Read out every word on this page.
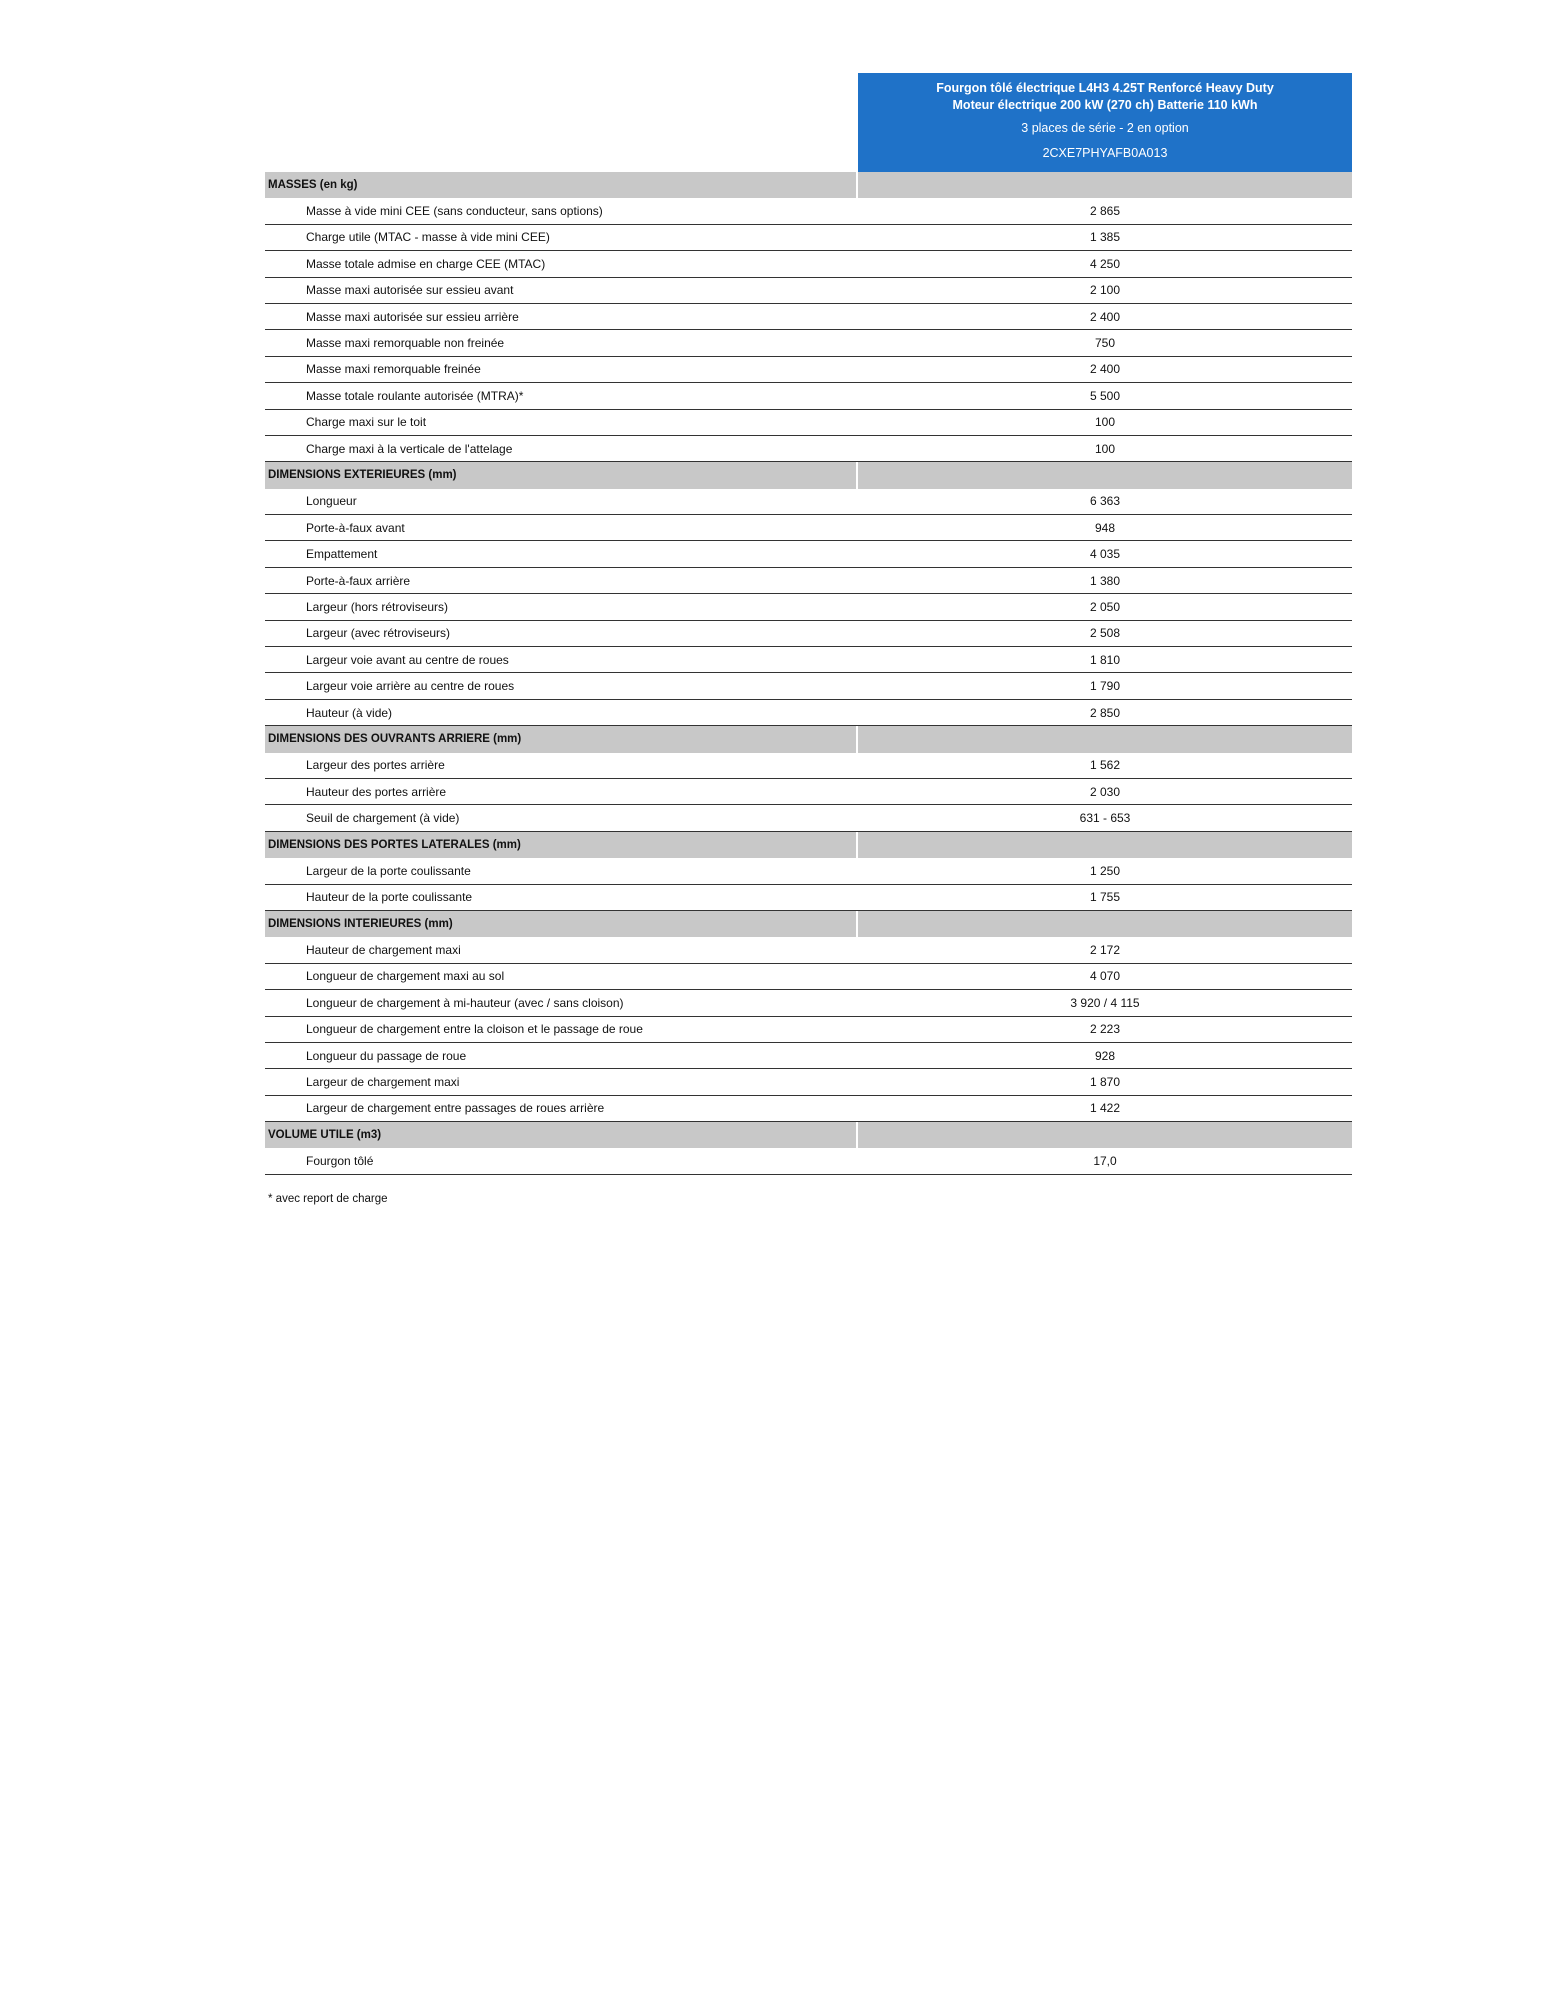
Fourgon tôlé électrique L4H3 4.25T Renforcé Heavy Duty
Moteur électrique 200 kW (270 ch) Batterie 110 kWh
3 places de série - 2 en option
2CXE7PHYAFB0A013
MASSES (en kg)
Masse à vide mini CEE (sans conducteur, sans options)	2 865
Charge utile (MTAC - masse à vide mini CEE)	1 385
Masse totale admise en charge CEE (MTAC)	4 250
Masse maxi autorisée sur essieu avant	2 100
Masse maxi autorisée sur essieu arrière	2 400
Masse maxi remorquable non freinée	750
Masse maxi remorquable freinée	2 400
Masse totale roulante autorisée (MTRA)*	5 500
Charge maxi sur le toit	100
Charge maxi à la verticale de l'attelage	100
DIMENSIONS EXTERIEURES (mm)
Longueur	6 363
Porte-à-faux avant	948
Empattement	4 035
Porte-à-faux arrière	1 380
Largeur (hors rétroviseurs)	2 050
Largeur (avec rétroviseurs)	2 508
Largeur voie avant au centre de roues	1 810
Largeur voie arrière au centre de roues	1 790
Hauteur (à vide)	2 850
DIMENSIONS DES OUVRANTS ARRIERE (mm)
Largeur des portes arrière	1 562
Hauteur des portes arrière	2 030
Seuil de chargement (à vide)	631 - 653
DIMENSIONS DES PORTES LATERALES (mm)
Largeur de la porte coulissante	1 250
Hauteur de la porte coulissante	1 755
DIMENSIONS INTERIEURES (mm)
Hauteur de chargement maxi	2 172
Longueur de chargement maxi au sol	4 070
Longueur de chargement à mi-hauteur (avec / sans cloison)	3 920 / 4 115
Longueur de chargement entre la cloison et le passage de roue	2 223
Longueur du passage de roue	928
Largeur de chargement maxi	1 870
Largeur de chargement entre passages de roues arrière	1 422
VOLUME UTILE (m3)
Fourgon tôlé	17,0
* avec report de charge
